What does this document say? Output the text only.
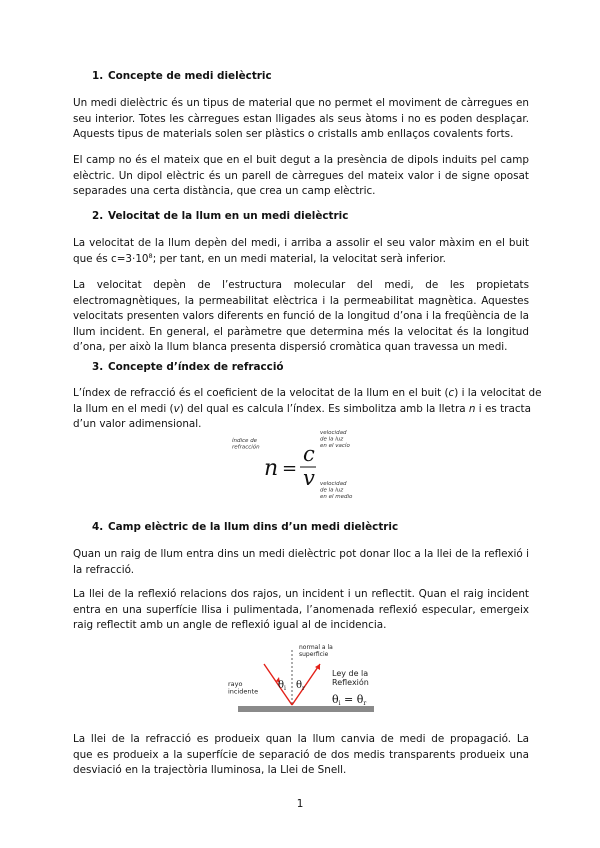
1. Concepte de medi dielèctric
Un medi dielèctric és un tipus de material que no permet el moviment de càrregues en
seu interior. Totes les càrregues estan lligades als seus àtoms i no es poden desplaçar.
Aquests tipus de materials solen ser plàstics o cristalls amb enllaços covalents forts.
El camp no és el mateix que en el buit degut a la presència de dipols induits pel camp
elèctric. Un dipol elèctric és un parell de càrregues del mateix valor i de signe oposat
separades una certa distància, que crea un camp elèctric.
2. Velocitat de la llum en un medi dielèctric
La velocitat de la llum depèn del medi, i arriba a assolir el seu valor màxim en el buit
que és $c=3\cdot 10^8$; per tant, en un medi material, la velocitat serà inferior.
La velocitat depèn de l’estructura molecular del medi, de les propietats
electromagnètiques, la permeabilitat elèctrica i la permeabilitat magnètica. Aquestes
velocitats presenten valors diferents en funció de la longitud d’ona i la freqüència de la
llum incident. En general, el paràmetre que determina més la velocitat és la longitud
d’ona, per això la llum blanca presenta dispersió cromàtica quan travessa un medi.
3. Concepte d’índex de refracció
L’índex de refracció és el coeficient de la velocitat de la llum en el buit (c) i la velocitat de
la llum en el medi (v) del qual es calcula l’índex. Es simbolitza amb la lletra n i es tracta
d’un valor adimensional.
índice de refracción
n =
c
v
velocidad de la luz en el vacío
velocidad de la luz en el medio
4. Camp elèctric de la llum dins d’un medi dielèctric
Quan un raig de llum entra dins un medi dielèctric pot donar lloc a la llei de la reflexió i
la refracció.
La llei de la reflexió relacions dos rajos, un incident i un reflectit. Quan el raig incident
entra en una superfície llisa i pulimentada, l’anomenada reflexió especular, emergeix
raig reflectit amb un angle de reflexió igual al de incidencia.
normal a la superficie
rayo incidente
$\theta_i$ $\theta_r$
Ley de la Reflexión
θi = θr
La llei de la refracció es produeix quan la llum canvia de medi de propagació. La
que es produeix a la superfície de separació de dos medis transparents produeix una
desviació en la trajectòria lluminosa, la Llei de Snell.
1
